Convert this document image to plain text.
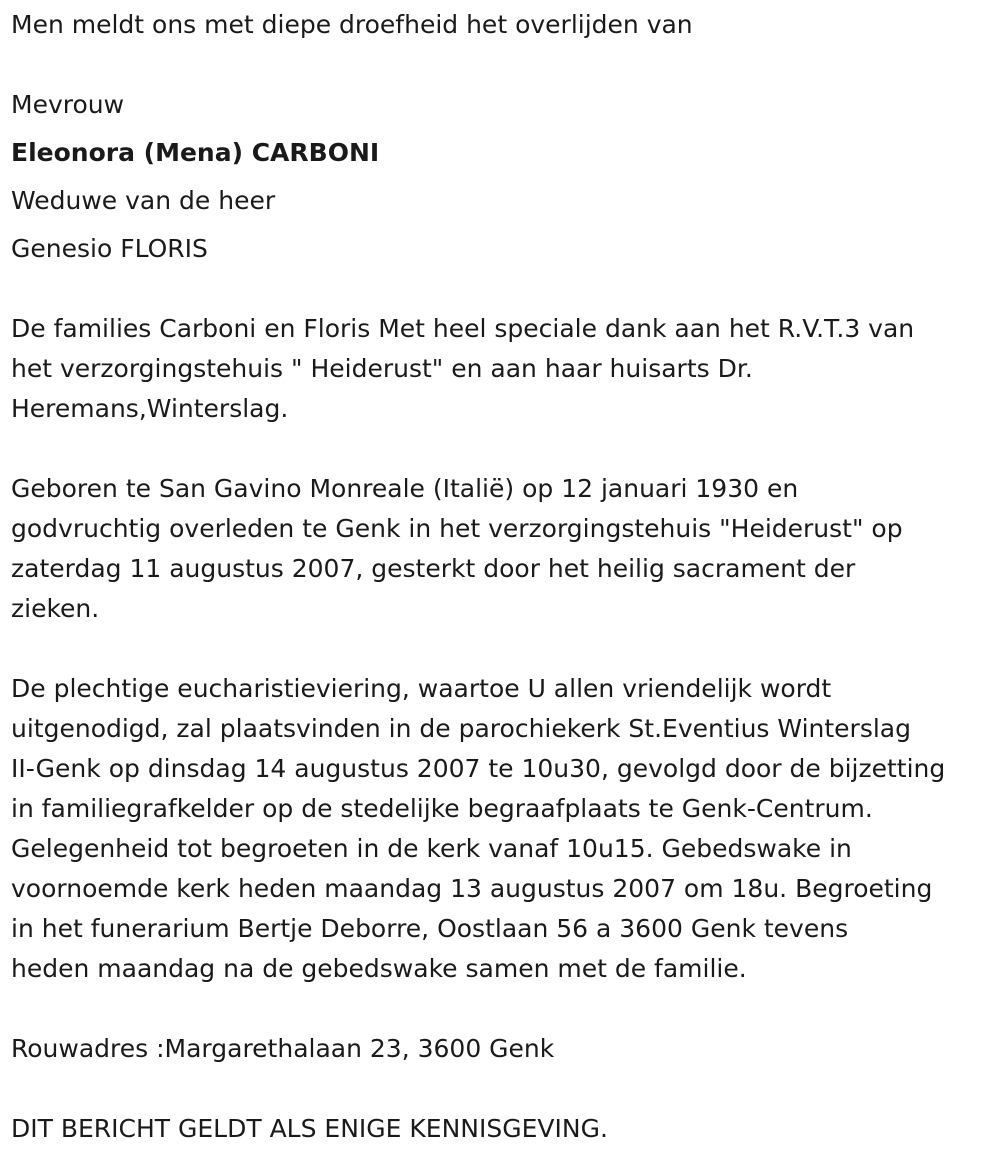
Men meldt ons met diepe droefheid het overlijden van
Mevrouw
Eleonora (Mena) CARBONI
Weduwe van de heer
Genesio FLORIS
De families Carboni en Floris Met heel speciale dank aan het R.V.T.3 van
het verzorgingstehuis " Heiderust" en aan haar huisarts Dr.
Heremans,Winterslag.
Geboren te San Gavino Monreale (Italië) op 12 januari 1930 en
godvruchtig overleden te Genk in het verzorgingstehuis "Heiderust" op
zaterdag 11 augustus 2007, gesterkt door het heilig sacrament der
zieken.
De plechtige eucharistieviering, waartoe U allen vriendelijk wordt
uitgenodigd, zal plaatsvinden in de parochiekerk St.Eventius Winterslag
II-Genk op dinsdag 14 augustus 2007 te 10u30, gevolgd door de bijzetting
in familiegrafkelder op de stedelijke begraafplaats te Genk-Centrum.
Gelegenheid tot begroeten in de kerk vanaf 10u15. Gebedswake in
voornoemde kerk heden maandag 13 augustus 2007 om 18u. Begroeting
in het funerarium Bertje Deborre, Oostlaan 56 a 3600 Genk tevens
heden maandag na de gebedswake samen met de familie.
Rouwadres :Margarethalaan 23, 3600 Genk
DIT BERICHT GELDT ALS ENIGE KENNISGEVING.
